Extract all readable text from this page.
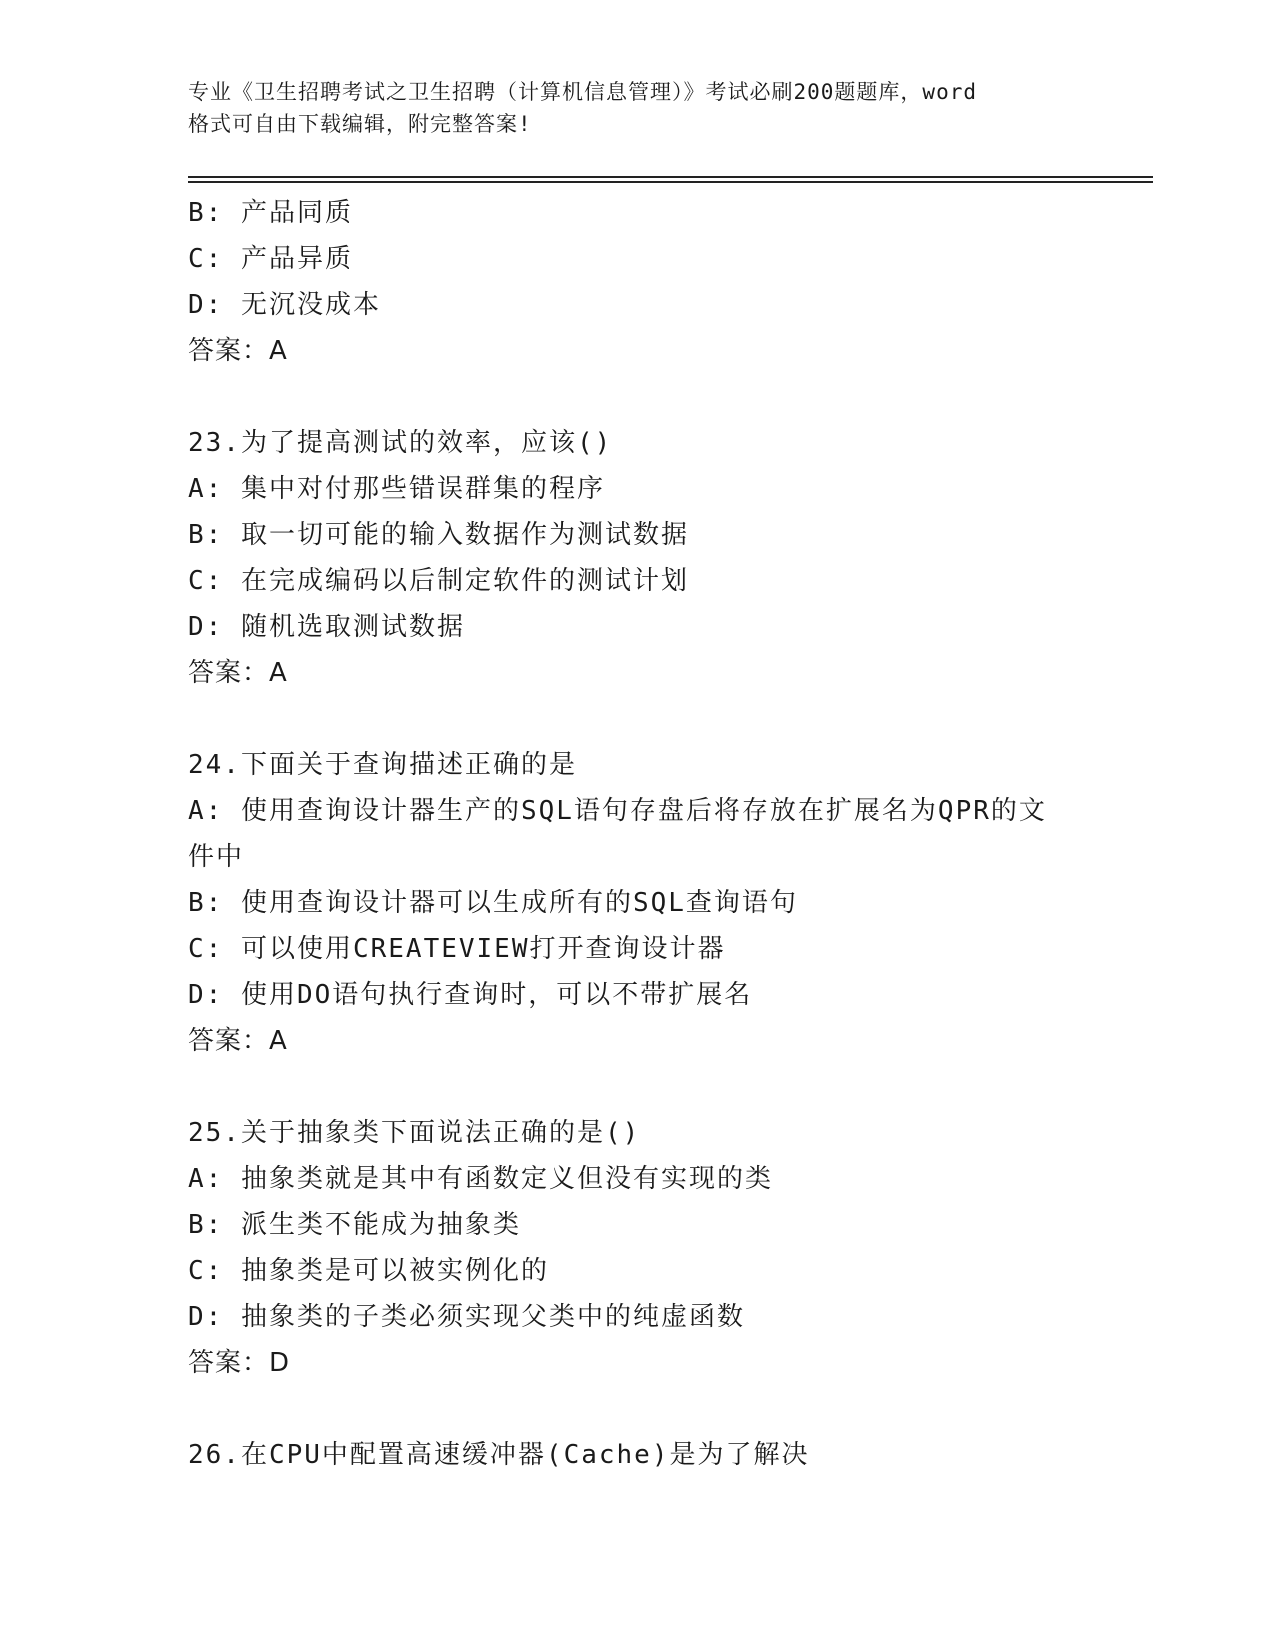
专业《卫生招聘考试之卫生招聘（计算机信息管理）》考试必刷200题题库，word
格式可自由下载编辑，附完整答案!
B: 产品同质
C: 产品异质
D: 无沉没成本
答案：A
23.为了提高测试的效率，应该()
A: 集中对付那些错误群集的程序
B: 取一切可能的输入数据作为测试数据
C: 在完成编码以后制定软件的测试计划
D: 随机选取测试数据
答案：A
24.下面关于查询描述正确的是
A: 使用查询设计器生产的SQL语句存盘后将存放在扩展名为QPR的文件中
B: 使用查询设计器可以生成所有的SQL查询语句
C: 可以使用CREATEVIEW打开查询设计器
D: 使用DO语句执行查询时，可以不带扩展名
答案：A
25.关于抽象类下面说法正确的是()
A: 抽象类就是其中有函数定义但没有实现的类
B: 派生类不能成为抽象类
C: 抽象类是可以被实例化的
D: 抽象类的子类必须实现父类中的纯虚函数
答案：D
26.在CPU中配置高速缓冲器(Cache)是为了解决
